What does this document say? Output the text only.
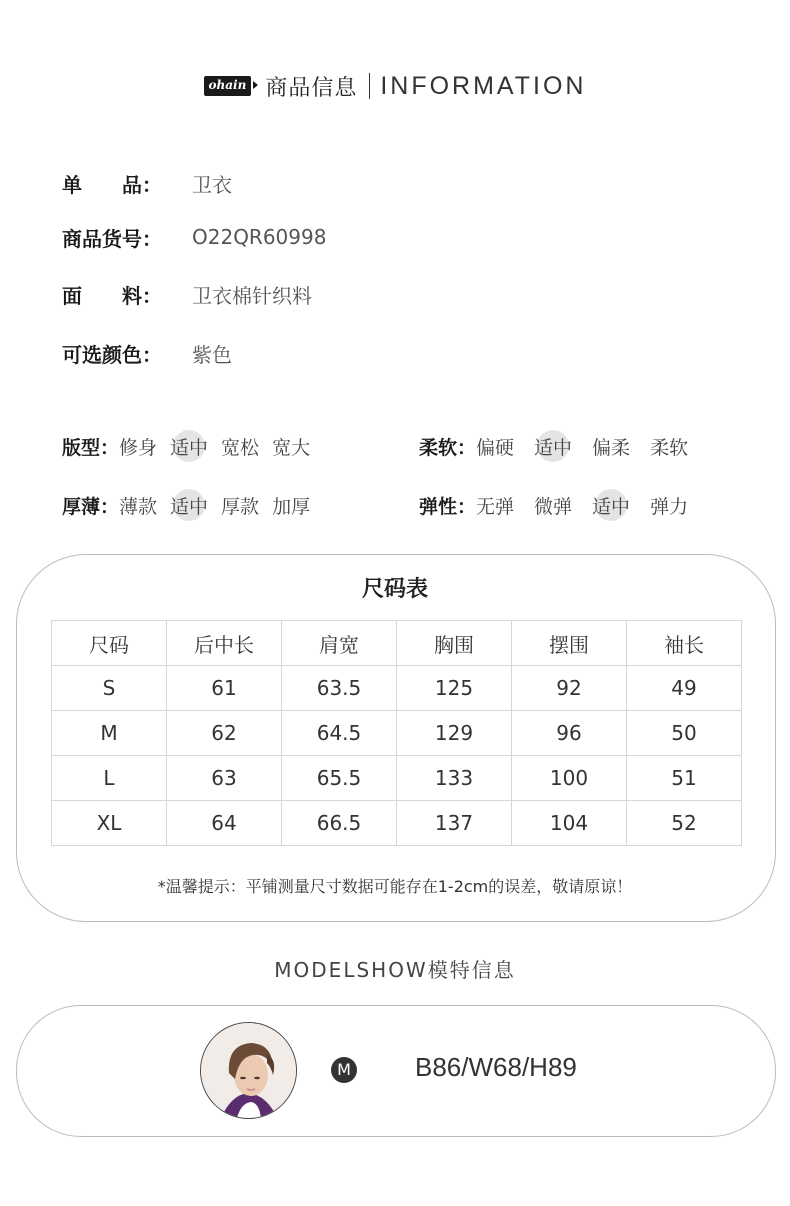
ohain 商品信息 INFORMATION
单　　品：	卫衣
商品货号：	O22QR60998
面　　料：	卫衣棉针织料
可选颜色：	紫色
版型： 修身 适中 宽松 宽大	柔软： 偏硬 适中 偏柔 柔软
厚薄： 薄款 适中 厚款 加厚	弹性： 无弹 微弹 适中 弹力
尺码表
尺码	后中长	肩宽	胸围	摆围	袖长
S	61	63.5	125	92	49
M	62	64.5	129	96	50
L	63	65.5	133	100	51
XL	64	66.5	137	104	52
*温馨提示：平铺测量尺寸数据可能存在1-2cm的误差，敬请原谅！
MODELSHOW模特信息
M B86/W68/H89
